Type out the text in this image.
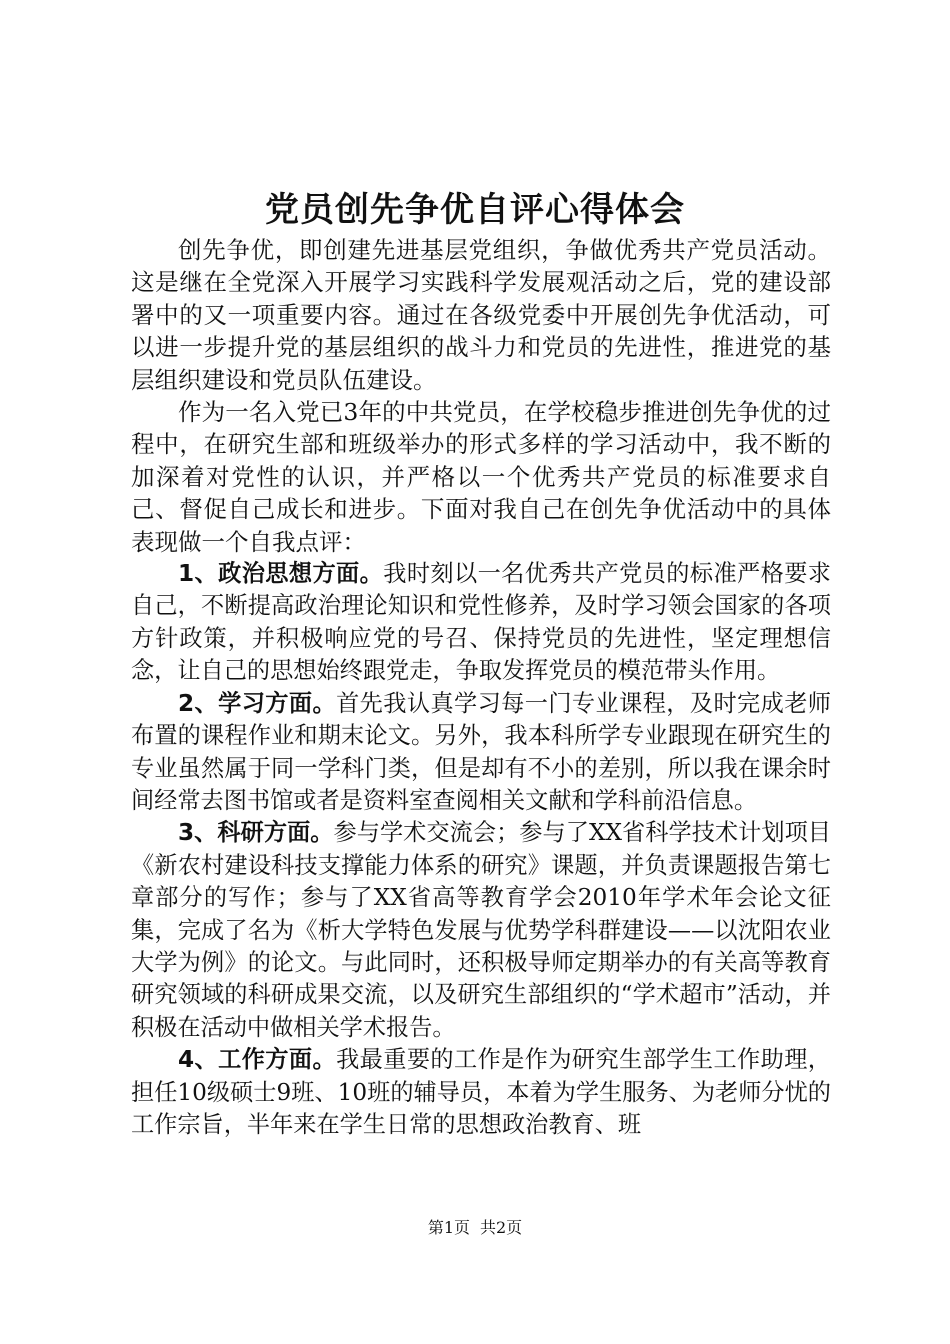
党员创先争优自评心得体会

创先争优，即创建先进基层党组织，争做优秀共产党员活动。这是继在全党深入开展学习实践科学发展观活动之后，党的建设部署中的又一项重要内容。通过在各级党委中开展创先争优活动，可以进一步提升党的基层组织的战斗力和党员的先进性，推进党的基层组织建设和党员队伍建设。

作为一名入党已3年的中共党员，在学校稳步推进创先争优的过程中，在研究生部和班级举办的形式多样的学习活动中，我不断的加深着对党性的认识，并严格以一个优秀共产党员的标准要求自己、督促自己成长和进步。下面对我自己在创先争优活动中的具体表现做一个自我点评：

1、政治思想方面。我时刻以一名优秀共产党员的标准严格要求自己，不断提高政治理论知识和党性修养，及时学习领会国家的各项方针政策，并积极响应党的号召、保持党员的先进性，坚定理想信念，让自己的思想始终跟党走，争取发挥党员的模范带头作用。

2、学习方面。首先我认真学习每一门专业课程，及时完成老师布置的课程作业和期末论文。另外，我本科所学专业跟现在研究生的专业虽然属于同一学科门类，但是却有不小的差别，所以我在课余时间经常去图书馆或者是资料室查阅相关文献和学科前沿信息。

3、科研方面。参与学术交流会；参与了XX省科学技术计划项目《新农村建设科技支撑能力体系的研究》课题，并负责课题报告第七章部分的写作；参与了XX省高等教育学会2010年学术年会论文征集，完成了名为《析大学特色发展与优势学科群建设——以沈阳农业大学为例》的论文。与此同时，还积极导师定期举办的有关高等教育研究领域的科研成果交流，以及研究生部组织的“学术超市”活动，并积极在活动中做相关学术报告。

4、工作方面。我最重要的工作是作为研究生部学生工作助理，担任10级硕士9班、10班的辅导员，本着为学生服务、为老师分忧的工作宗旨，半年来在学生日常的思想政治教育、班

第1页 共2页
